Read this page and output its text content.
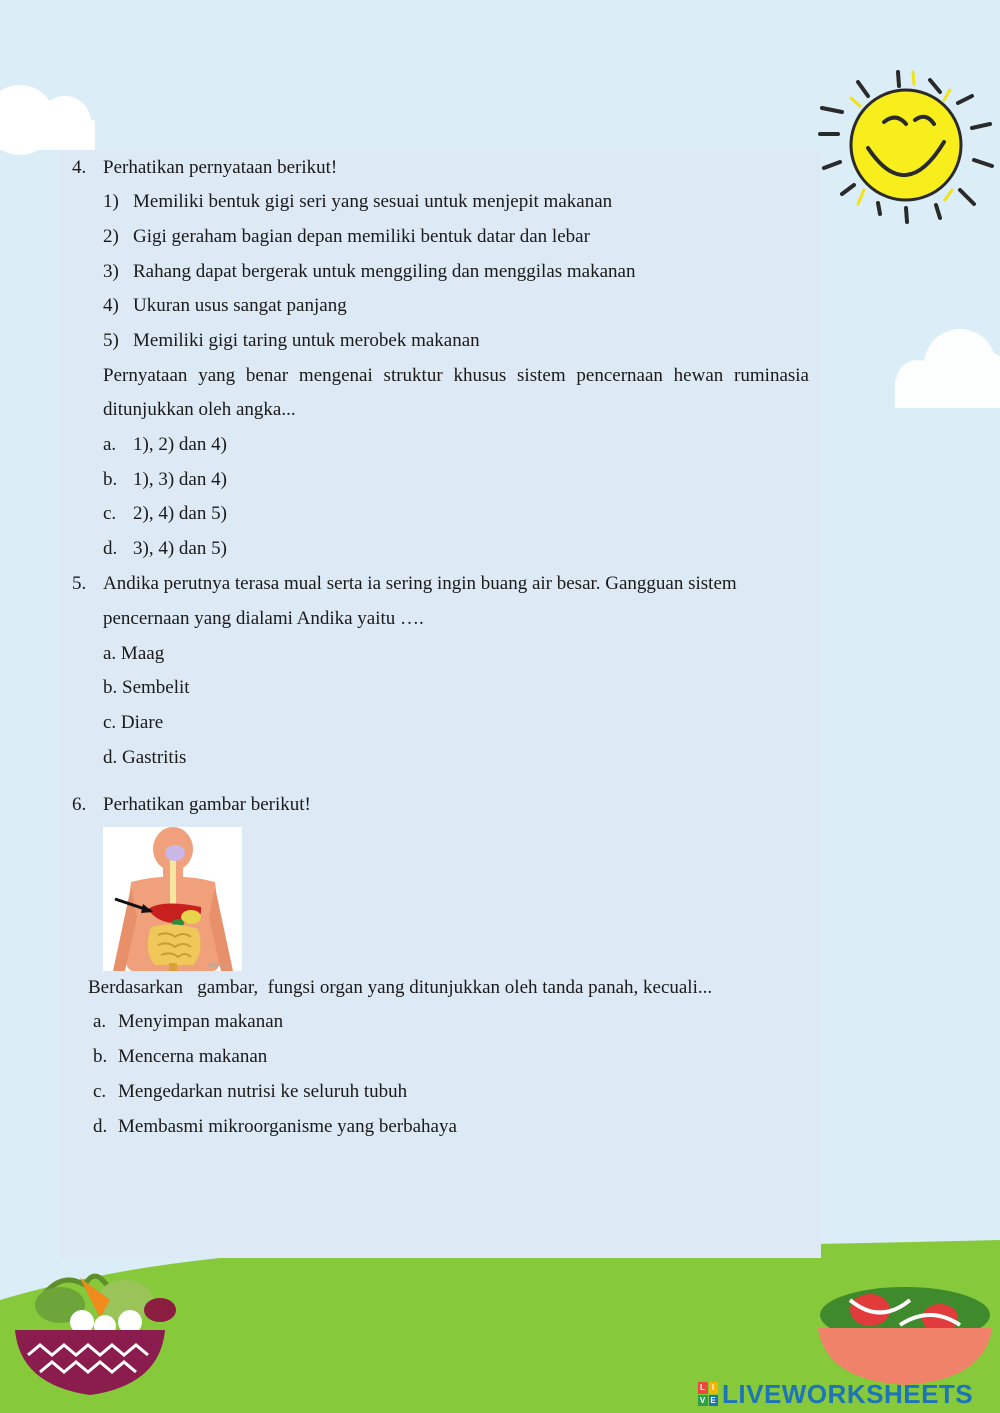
4. Perhatikan pernyataan berikut!
1) Memiliki bentuk gigi seri yang sesuai untuk menjepit makanan
2) Gigi geraham bagian depan memiliki bentuk datar dan lebar
3) Rahang dapat bergerak untuk menggiling dan menggilas makanan
4) Ukuran usus sangat panjang
5) Memiliki gigi taring untuk merobek makanan
Pernyataan yang benar mengenai struktur khusus sistem pencernaan hewan ruminasia
ditunjukkan oleh angka...
a. 1), 2) dan 4)
b. 1), 3) dan 4)
c. 2), 4) dan 5)
d. 3), 4) dan 5)
5. Andika perutnya terasa mual serta ia sering ingin buang air besar. Gangguan sistem
pencernaan yang dialami Andika yaitu ….
a. Maag
b. Sembelit
c. Diare
d. Gastritis
6. Perhatikan gambar berikut!
wikiedu
Berdasarkan   gambar,  fungsi organ yang ditunjukkan oleh tanda panah, kecuali...
a. Menyimpan makanan
b. Mencerna makanan
c. Mengedarkan nutrisi ke seluruh tubuh
d. Membasmi mikroorganisme yang berbahaya
L I
V E LIVEWORKSHEETS
